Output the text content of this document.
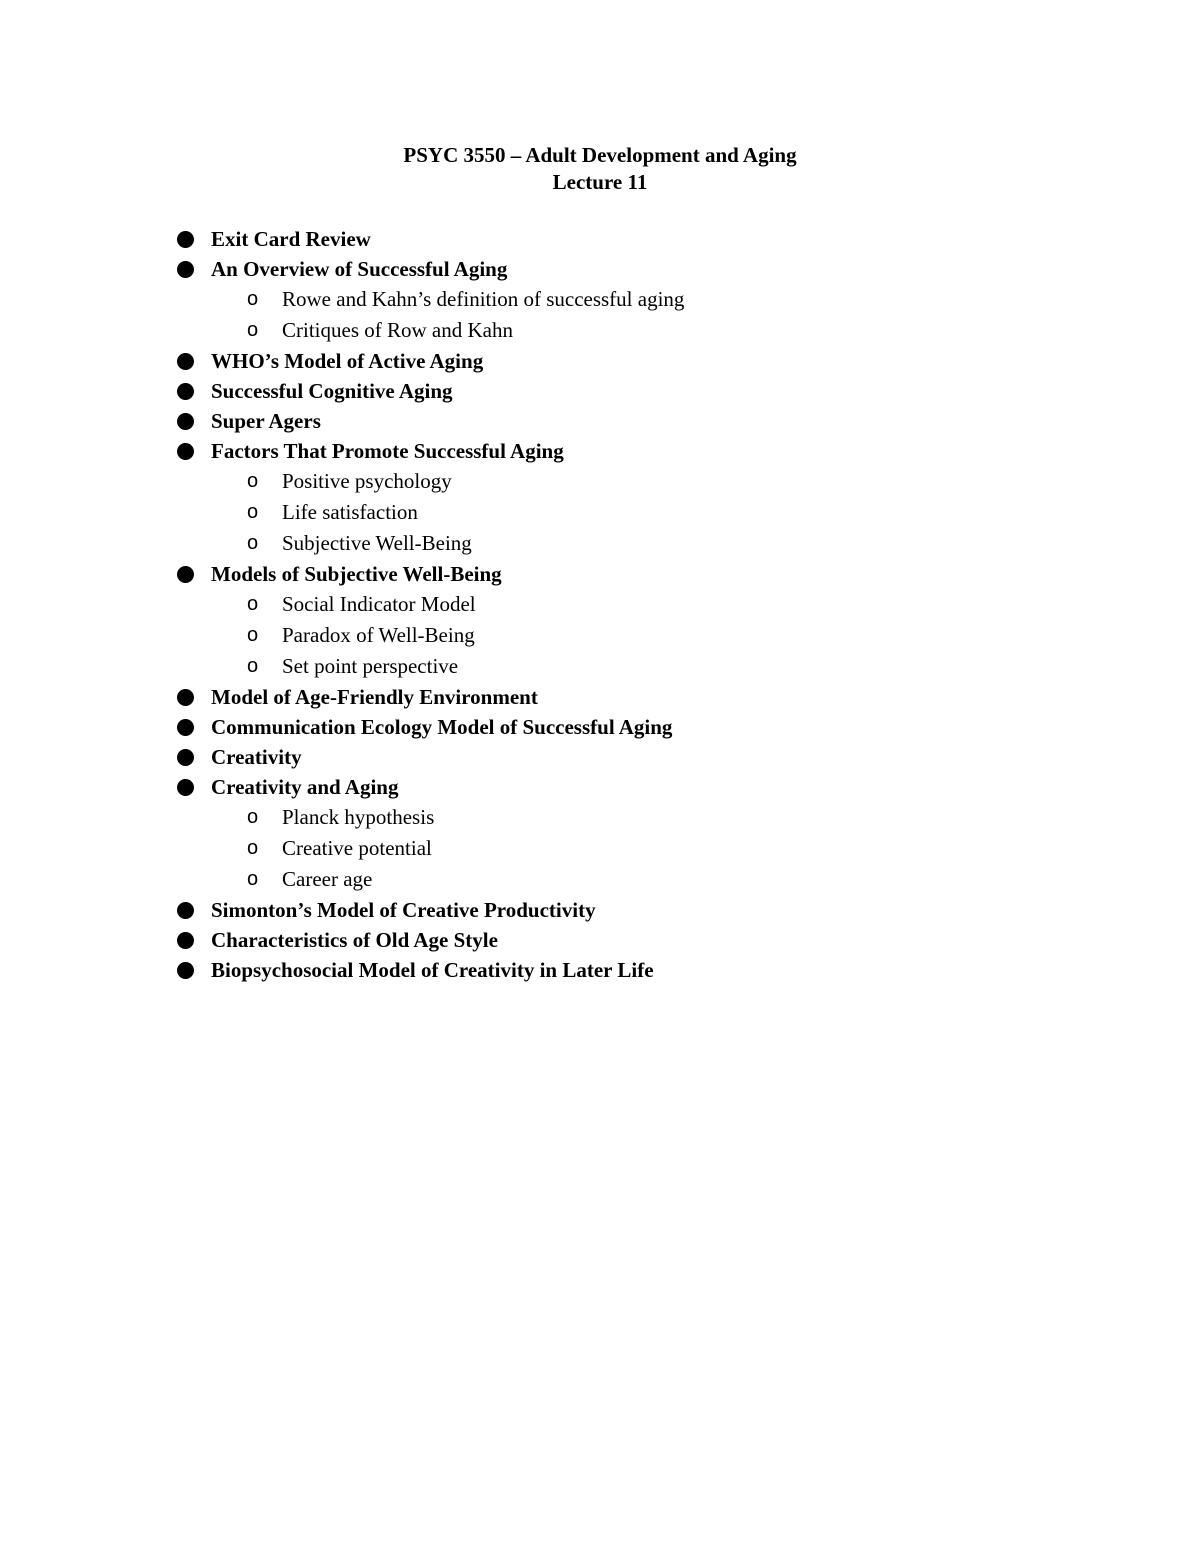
PSYC 3550 – Adult Development and Aging
Lecture 11
Exit Card Review
An Overview of Successful Aging
o Rowe and Kahn’s definition of successful aging
o Critiques of Row and Kahn
WHO’s Model of Active Aging
Successful Cognitive Aging
Super Agers
Factors That Promote Successful Aging
o Positive psychology
o Life satisfaction
o Subjective Well-Being
Models of Subjective Well-Being
o Social Indicator Model
o Paradox of Well-Being
o Set point perspective
Model of Age-Friendly Environment
Communication Ecology Model of Successful Aging
Creativity
Creativity and Aging
o Planck hypothesis
o Creative potential
o Career age
Simonton’s Model of Creative Productivity
Characteristics of Old Age Style
Biopsychosocial Model of Creativity in Later Life
